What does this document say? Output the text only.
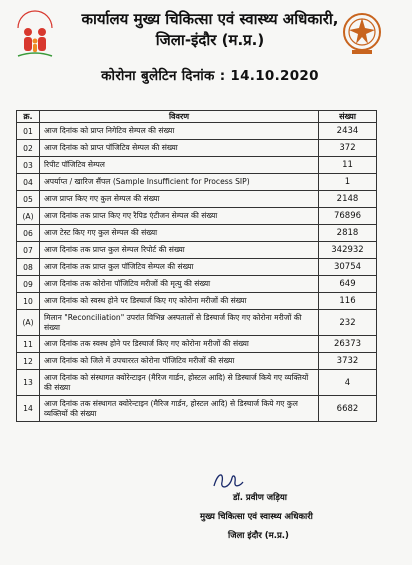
कार्यालय मुख्य चिकित्सा एवं स्वास्थ्य अधिकारी,
जिला-इंदौर (म.प्र.)
कोरोना बुलेटिन दिनांक : 14.10.2020
क्र.	विवरण	संख्या
01	आज दिनांक को प्राप्त निगेटिव सेम्पल की संख्या	2434
02	आज दिनांक को प्राप्त पॉजिटिव सेम्पल की संख्या	372
03	रिपीट पॉजिटिव सेम्पल	11
04	अपर्याप्त / खारिज सैंपल (Sample Insufficient for Process SIP)	1
05	आज प्राप्त किए गए कुल सेम्पल की संख्या	2148
(A)	आज दिनांक तक प्राप्त किए गए रैपिड एंटीजन सेम्पल की संख्या	76896
06	आज टेस्ट किए गए कुल सेम्पल की संख्या	2818
07	आज दिनांक तक प्राप्त कुल सेम्पल रिपोर्ट की संख्या	342932
08	आज दिनांक तक प्राप्त कुल पॉजिटिव सेम्पल की संख्या	30754
09	आज दिनांक तक कोरोना पॉजिटिव मरीजों की मृत्यु की संख्या	649
10	आज दिनांक को स्वस्थ होने पर डिस्चार्ज किए गए कोरोना मरीजों की संख्या	116
(A)	मिलान "Reconciliation" उपरांत विभिन्न अस्पतालों से डिस्चार्ज किए गए कोरोना मरीजों की संख्या	232
11	आज दिनांक तक स्वस्थ होने पर डिस्चार्ज किए गए कोरोना मरीजों की संख्या	26373
12	आज दिनांक को जिले में उपचाररत कोरोना पॉजिटिव मरीजों की संख्या	3732
13	आज दिनांक को संस्थागत क्वोरेन्टाइन (मैरिज गार्डन, होस्टल आदि) से डिस्चार्ज किये गए व्यक्तियों की संख्या	4
14	आज दिनांक तक संस्थागत क्वोरेन्टाइन (मैरिज गार्डन, होस्टल आदि) से डिस्चार्ज किये गए कुल व्यक्तियों की संख्या	6682
डॉ. प्रवीण जड़िया
मुख्य चिकित्सा एवं स्वास्थ्य अधिकारी
जिला इंदौर (म.प्र.)
